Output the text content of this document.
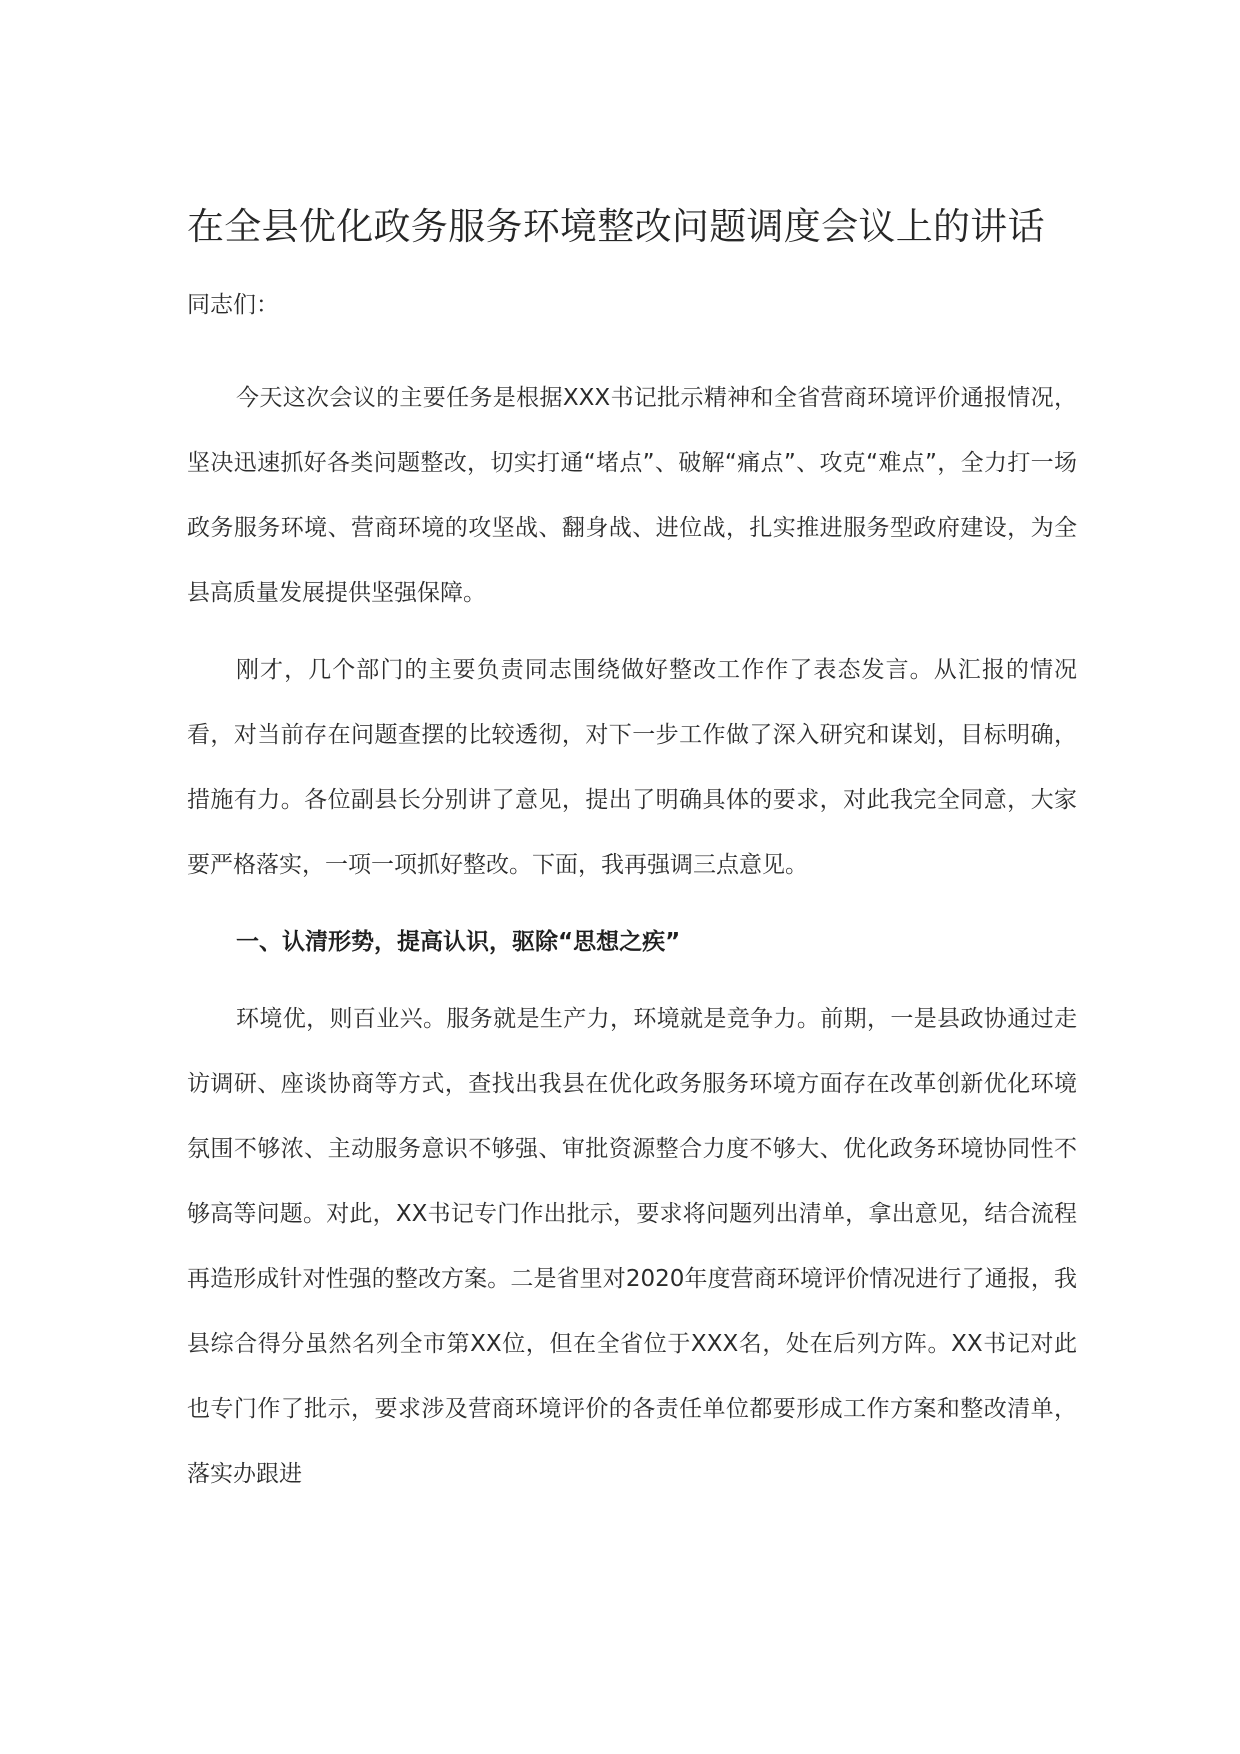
在全县优化政务服务环境整改问题调度会议上的讲话

同志们：

今天这次会议的主要任务是根据XXX书记批示精神和全省营商环境评价通报情况，坚决迅速抓好各类问题整改，切实打通“堵点”、破解“痛点”、攻克“难点”，全力打一场政务服务环境、营商环境的攻坚战、翻身战、进位战，扎实推进服务型政府建设，为全县高质量发展提供坚强保障。

刚才，几个部门的主要负责同志围绕做好整改工作作了表态发言。从汇报的情况看，对当前存在问题查摆的比较透彻，对下一步工作做了深入研究和谋划，目标明确，措施有力。各位副县长分别讲了意见，提出了明确具体的要求，对此我完全同意，大家要严格落实，一项一项抓好整改。下面，我再强调三点意见。

一、认清形势，提高认识，驱除“思想之疾”

环境优，则百业兴。服务就是生产力，环境就是竞争力。前期，一是县政协通过走访调研、座谈协商等方式，查找出我县在优化政务服务环境方面存在改革创新优化环境氛围不够浓、主动服务意识不够强、审批资源整合力度不够大、优化政务环境协同性不够高等问题。对此，XX书记专门作出批示，要求将问题列出清单，拿出意见，结合流程再造形成针对性强的整改方案。二是省里对2020年度营商环境评价情况进行了通报，我县综合得分虽然名列全市第XX位，但在全省位于XXX名，处在后列方阵。XX书记对此也专门作了批示，要求涉及营商环境评价的各责任单位都要形成工作方案和整改清单，落实办跟进
